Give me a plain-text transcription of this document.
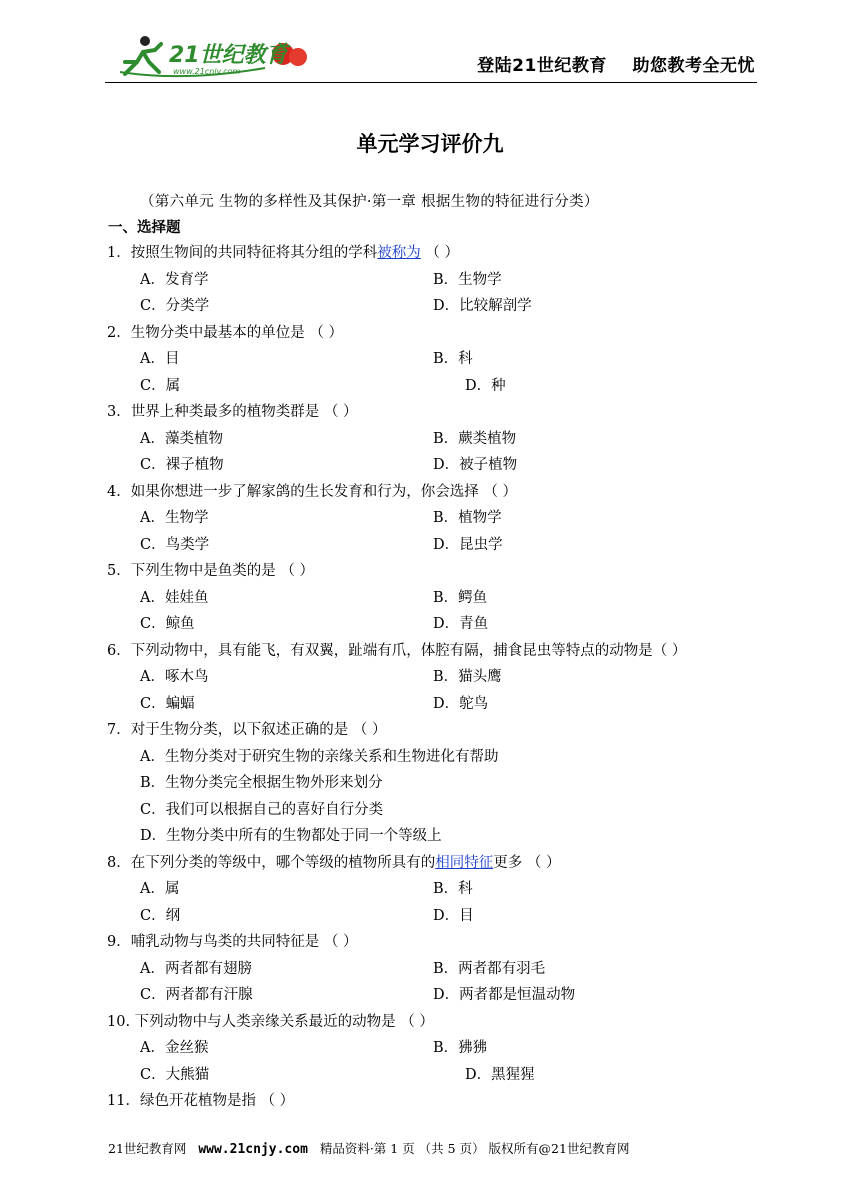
21世纪教育
www.21cnjy.com	登陆21世纪教育    助您教考全无忧
单元学习评价九
（第六单元 生物的多样性及其保护·第一章 根据生物的特征进行分类）
一、选择题
1．按照生物间的共同特征将其分组的学科被称为 （ ）
A．发育学	B．生物学
C．分类学	D．比较解剖学
2．生物分类中最基本的单位是 （ ）
A．目	B．科
C．属	D．种
3．世界上种类最多的植物类群是 （ ）
A．藻类植物	B．蕨类植物
C．裸子植物	D．被子植物
4．如果你想进一步了解家鸽的生长发育和行为，你会选择 （ ）
A．生物学	B．植物学
C．鸟类学	D．昆虫学
5．下列生物中是鱼类的是 （ ）
A．娃娃鱼	B．鳄鱼
C．鲸鱼	D．青鱼
6．下列动物中，具有能飞，有双翼，趾端有爪，体腔有隔，捕食昆虫等特点的动物是（ ）
A．啄木鸟	B．猫头鹰
C．蝙蝠	D．鸵鸟
7．对于生物分类，以下叙述正确的是 （ ）
A．生物分类对于研究生物的亲缘关系和生物进化有帮助
B．生物分类完全根据生物外形来划分
C．我们可以根据自己的喜好自行分类
D．生物分类中所有的生物都处于同一个等级上
8．在下列分类的等级中，哪个等级的植物所具有的相同特征更多 （ ）
A．属	B．科
C．纲	D．目
9．哺乳动物与鸟类的共同特征是 （ ）
A．两者都有翅膀	B．两者都有羽毛
C．两者都有汗腺	D．两者都是恒温动物
10. 下列动物中与人类亲缘关系最近的动物是 （ ）
A．金丝猴	B．狒狒
C．大熊猫	D．黑猩猩
11．绿色开花植物是指 （ ）
21世纪教育网   www.21cnjy.com   精品资料·第 1 页 （共 5 页） 版权所有@21世纪教育网
